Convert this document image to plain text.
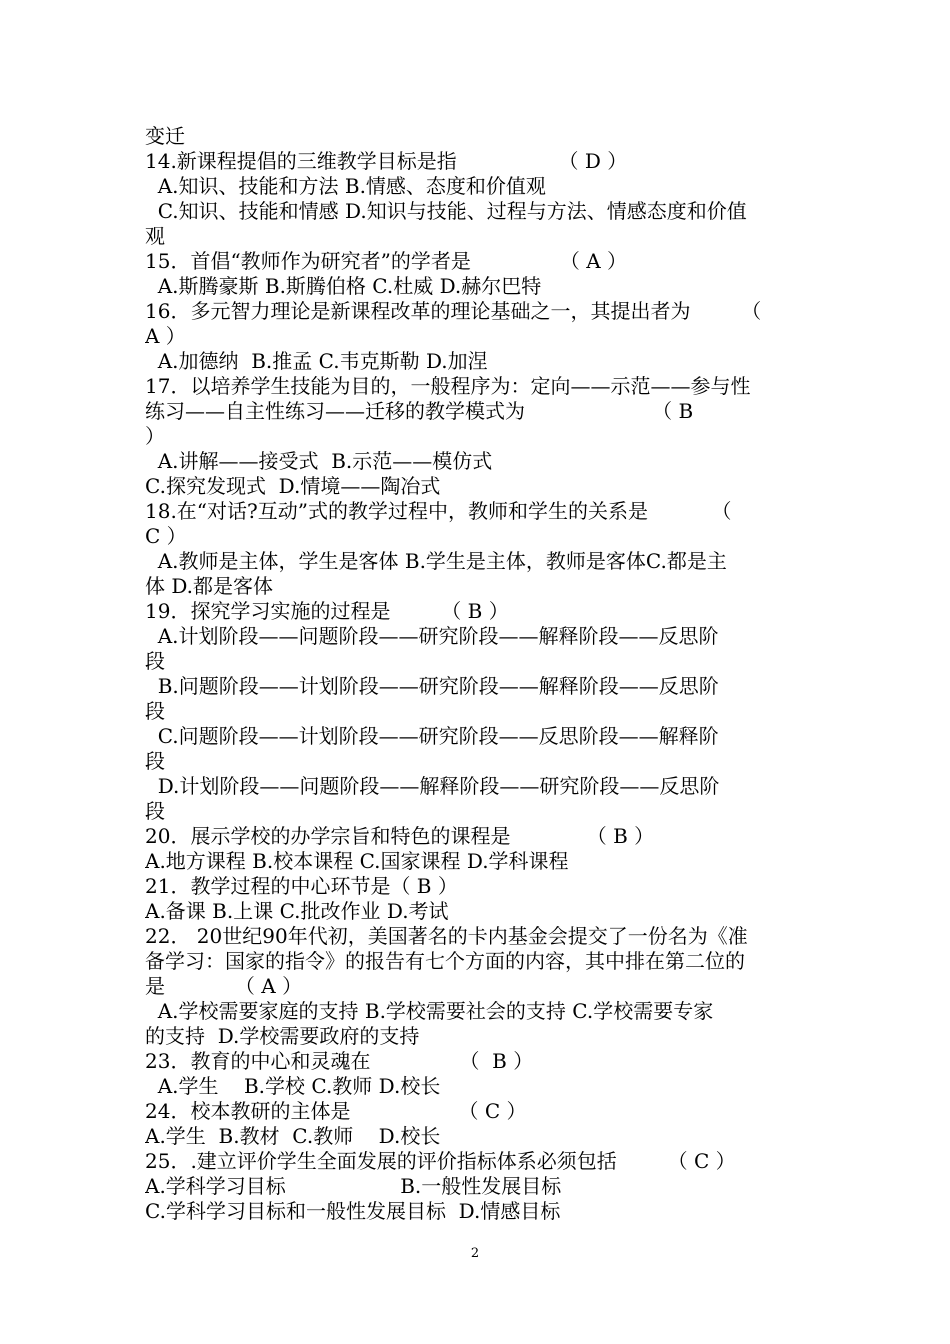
变迁
14.新课程提倡的三维教学目标是指                （ D ）
A.知识、技能和方法 B.情感、态度和价值观
C.知识、技能和情感 D.知识与技能、过程与方法、情感态度和价值
观
15．首倡“教师作为研究者”的学者是              （ A ）
A.斯腾豪斯 B.斯腾伯格 C.杜威 D.赫尔巴特
16．多元智力理论是新课程改革的理论基础之一，其提出者为        （
A ）
A.加德纳  B.推孟 C.韦克斯勒 D.加涅
17．以培养学生技能为目的，一般程序为：定向——示范——参与性
练习——自主性练习——迁移的教学模式为                    （ B
）
A.讲解——接受式  B.示范——模仿式
C.探究发现式  D.情境——陶冶式
18.在“对话?互动”式的教学过程中，教师和学生的关系是          （
C ）
A.教师是主体，学生是客体 B.学生是主体，教师是客体C.都是主
体 D.都是客体
19．探究学习实施的过程是        （ B ）
A.计划阶段——问题阶段——研究阶段——解释阶段——反思阶
段
B.问题阶段——计划阶段——研究阶段——解释阶段——反思阶
段
C.问题阶段——计划阶段——研究阶段——反思阶段——解释阶
段
D.计划阶段——问题阶段——解释阶段——研究阶段——反思阶
段
20．展示学校的办学宗旨和特色的课程是            （ B ）
A.地方课程 B.校本课程 C.国家课程 D.学科课程
21．教学过程的中心环节是（ B ）
A.备课 B.上课 C.批改作业 D.考试
22． 20世纪90年代初，美国著名的卡内基金会提交了一份名为《准
备学习：国家的指令》的报告有七个方面的内容，其中排在第二位的
是           （ A ）
A.学校需要家庭的支持 B.学校需要社会的支持 C.学校需要专家
的支持  D.学校需要政府的支持
23．教育的中心和灵魂在              （  B ）
A.学生    B.学校 C.教师 D.校长
24．校本教研的主体是                 （ C ）
A.学生  B.教材  C.教师    D.校长
25．.建立评价学生全面发展的评价指标体系必须包括        （ C ）
A.学科学习目标                  B.一般性发展目标
C.学科学习目标和一般性发展目标  D.情感目标
2
